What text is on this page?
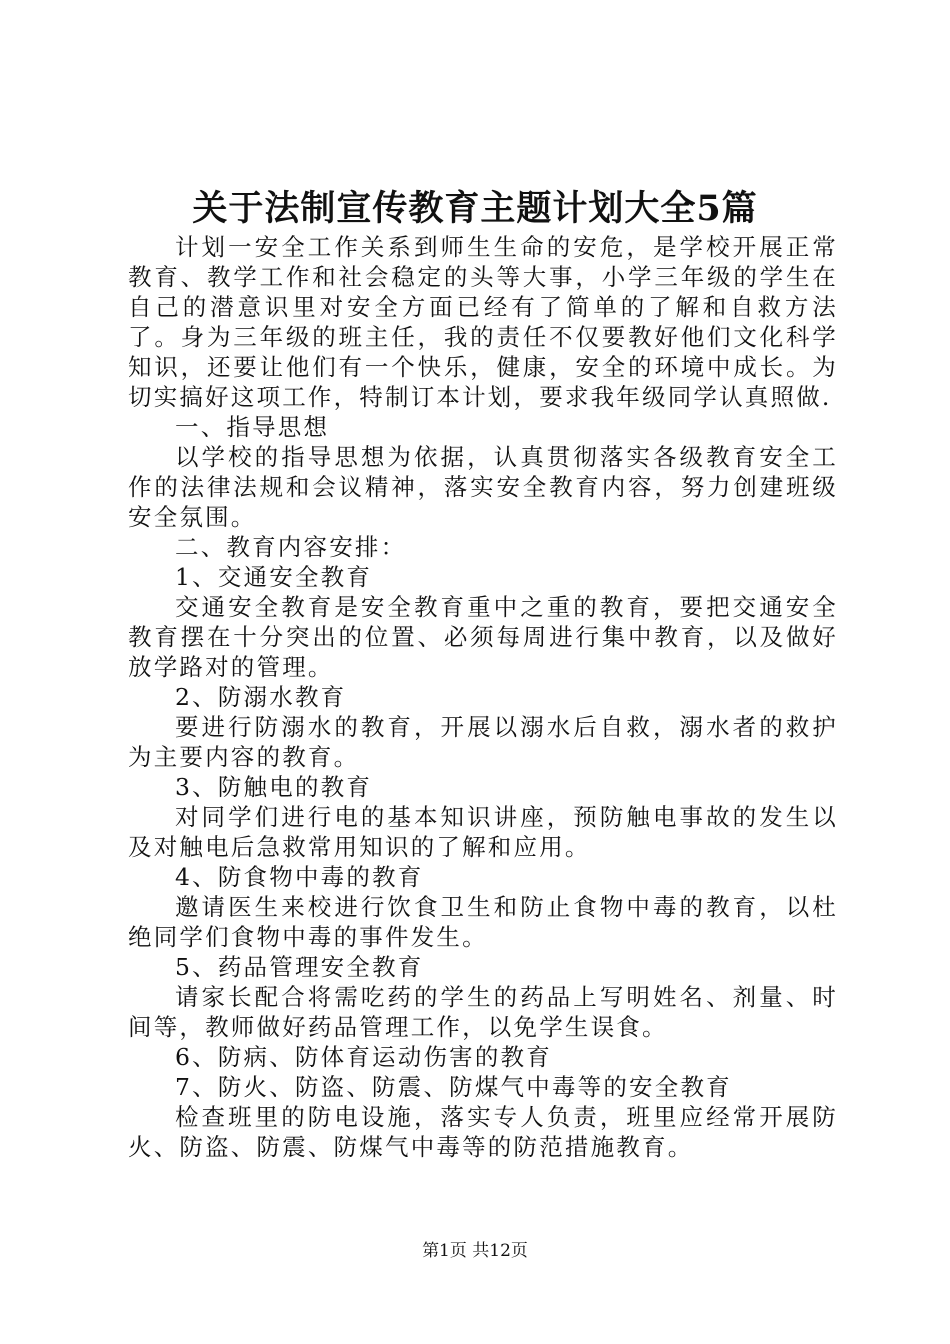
关于法制宣传教育主题计划大全5篇

计划一安全工作关系到师生生命的安危，是学校开展正常教育、教学工作和社会稳定的头等大事，小学三年级的学生在自己的潜意识里对安全方面已经有了简单的了解和自救方法了。身为三年级的班主任，我的责任不仅要教好他们文化科学知识，还要让他们有一个快乐，健康，安全的环境中成长。为切实搞好这项工作，特制订本计划，要求我年级同学认真照做.

一、指导思想

以学校的指导思想为依据，认真贯彻落实各级教育安全工作的法律法规和会议精神，落实安全教育内容，努力创建班级安全氛围。

二、教育内容安排：

1、交通安全教育

交通安全教育是安全教育重中之重的教育，要把交通安全教育摆在十分突出的位置、必须每周进行集中教育，以及做好放学路对的管理。

2、防溺水教育

要进行防溺水的教育，开展以溺水后自救，溺水者的救护为主要内容的教育。

3、防触电的教育

对同学们进行电的基本知识讲座，预防触电事故的发生以及对触电后急救常用知识的了解和应用。

4、防食物中毒的教育

邀请医生来校进行饮食卫生和防止食物中毒的教育，以杜绝同学们食物中毒的事件发生。

5、药品管理安全教育

请家长配合将需吃药的学生的药品上写明姓名、剂量、时间等，教师做好药品管理工作，以免学生误食。

6、防病、防体育运动伤害的教育

7、防火、防盗、防震、防煤气中毒等的安全教育

检查班里的防电设施，落实专人负责，班里应经常开展防火、防盗、防震、防煤气中毒等的防范措施教育。

第1页 共12页
